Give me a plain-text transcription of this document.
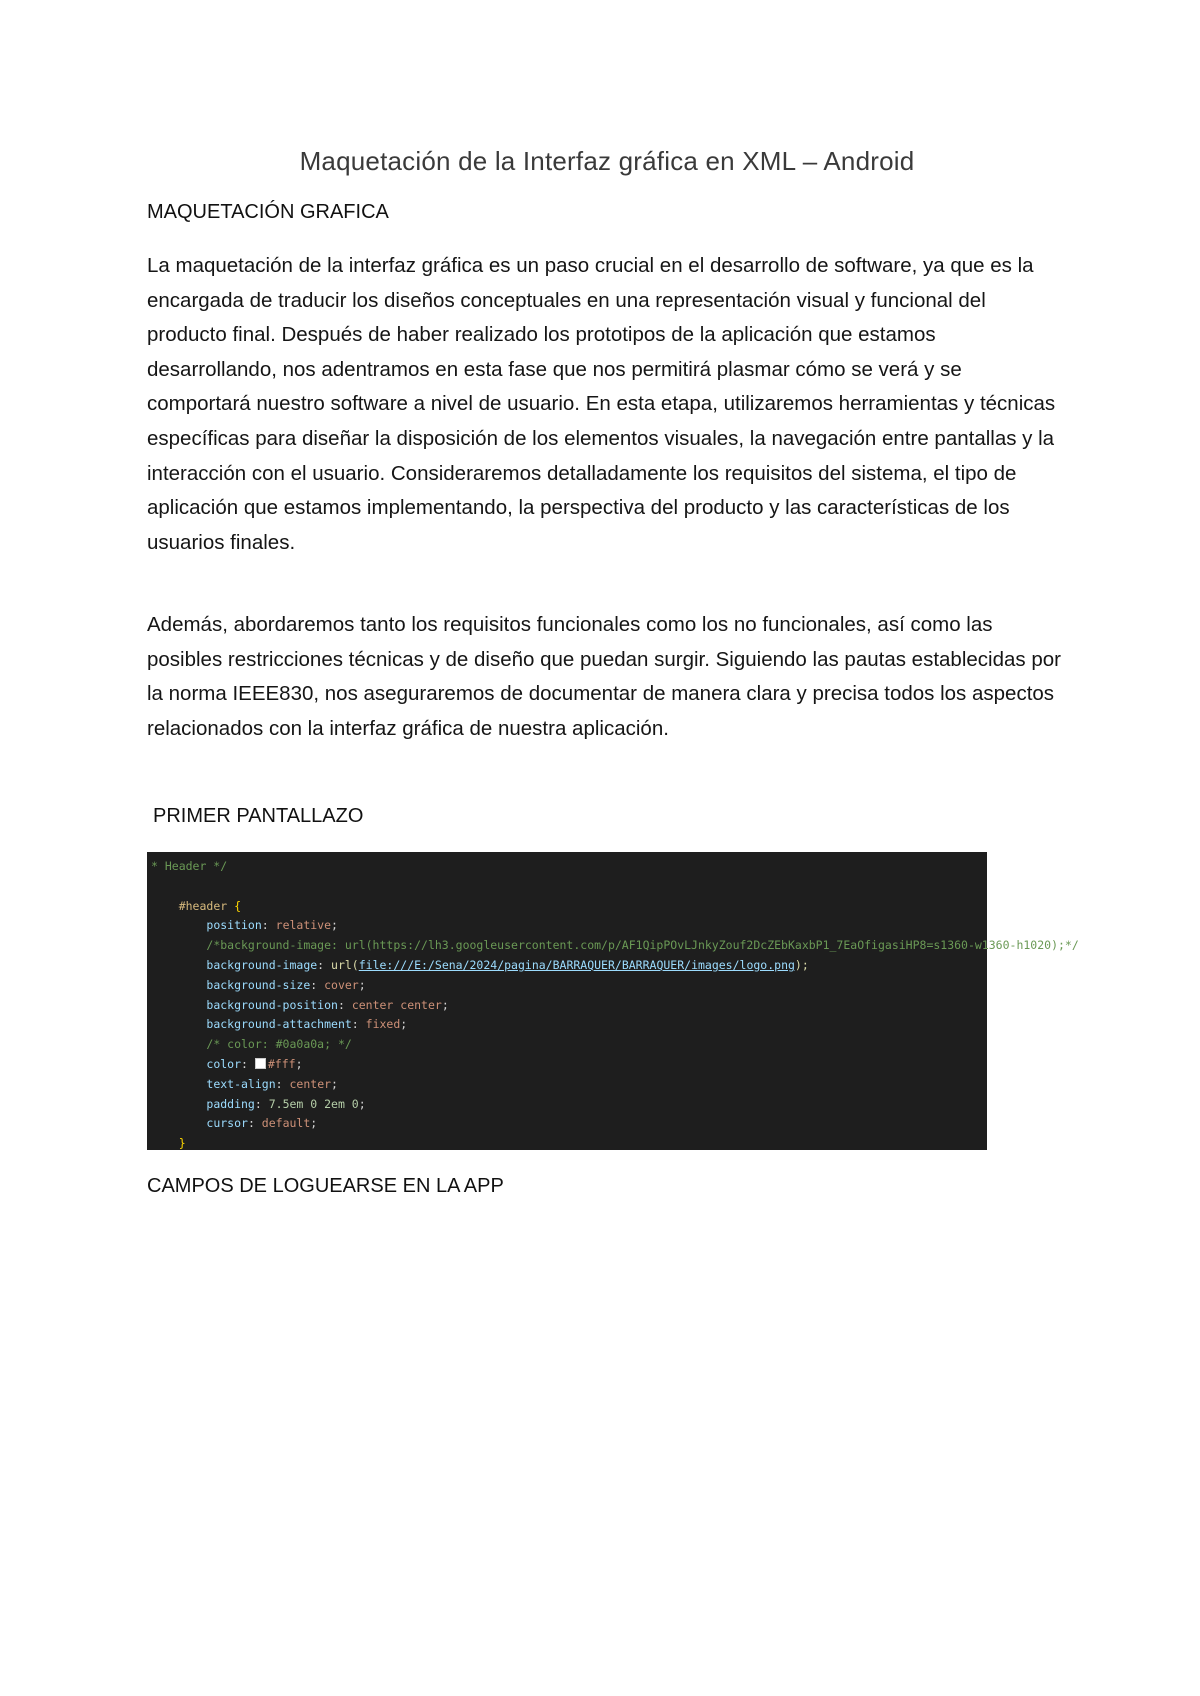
Maquetación de la Interfaz gráfica en XML – Android
MAQUETACIÓN GRAFICA

La maquetación de la interfaz gráfica es un paso crucial en el desarrollo de software, ya que es la encargada de traducir los diseños conceptuales en una representación visual y funcional del producto final. Después de haber realizado los prototipos de la aplicación que estamos desarrollando, nos adentramos en esta fase que nos permitirá plasmar cómo se verá y se comportará nuestro software a nivel de usuario. En esta etapa, utilizaremos herramientas y técnicas específicas para diseñar la disposición de los elementos visuales, la navegación entre pantallas y la interacción con el usuario. Consideraremos detalladamente los requisitos del sistema, el tipo de aplicación que estamos implementando, la perspectiva del producto y las características de los usuarios finales.

Además, abordaremos tanto los requisitos funcionales como los no funcionales, así como las posibles restricciones técnicas y de diseño que puedan surgir. Siguiendo las pautas establecidas por la norma IEEE830, nos aseguraremos de documentar de manera clara y precisa todos los aspectos relacionados con la interfaz gráfica de nuestra aplicación.

PRIMER PANTALLAZO
* Header */

#header {
position: relative;
/*background-image: url(https://lh3.googleusercontent.com/p/AF1QipPOvLJnkyZouf2DcZEbKaxbP1_7EaOfigasiHP8=s1360-w1360-h1020);*/
background-image: url(file:///E:/Sena/2024/pagina/BARRAQUER/BARRAQUER/images/logo.png);
background-size: cover;
background-position: center center;
background-attachment: fixed;
/* color: #0a0a0a; */
color: #fff;
text-align: center;
padding: 7.5em 0 2em 0;
cursor: default;
}
CAMPOS DE LOGUEARSE EN LA APP
